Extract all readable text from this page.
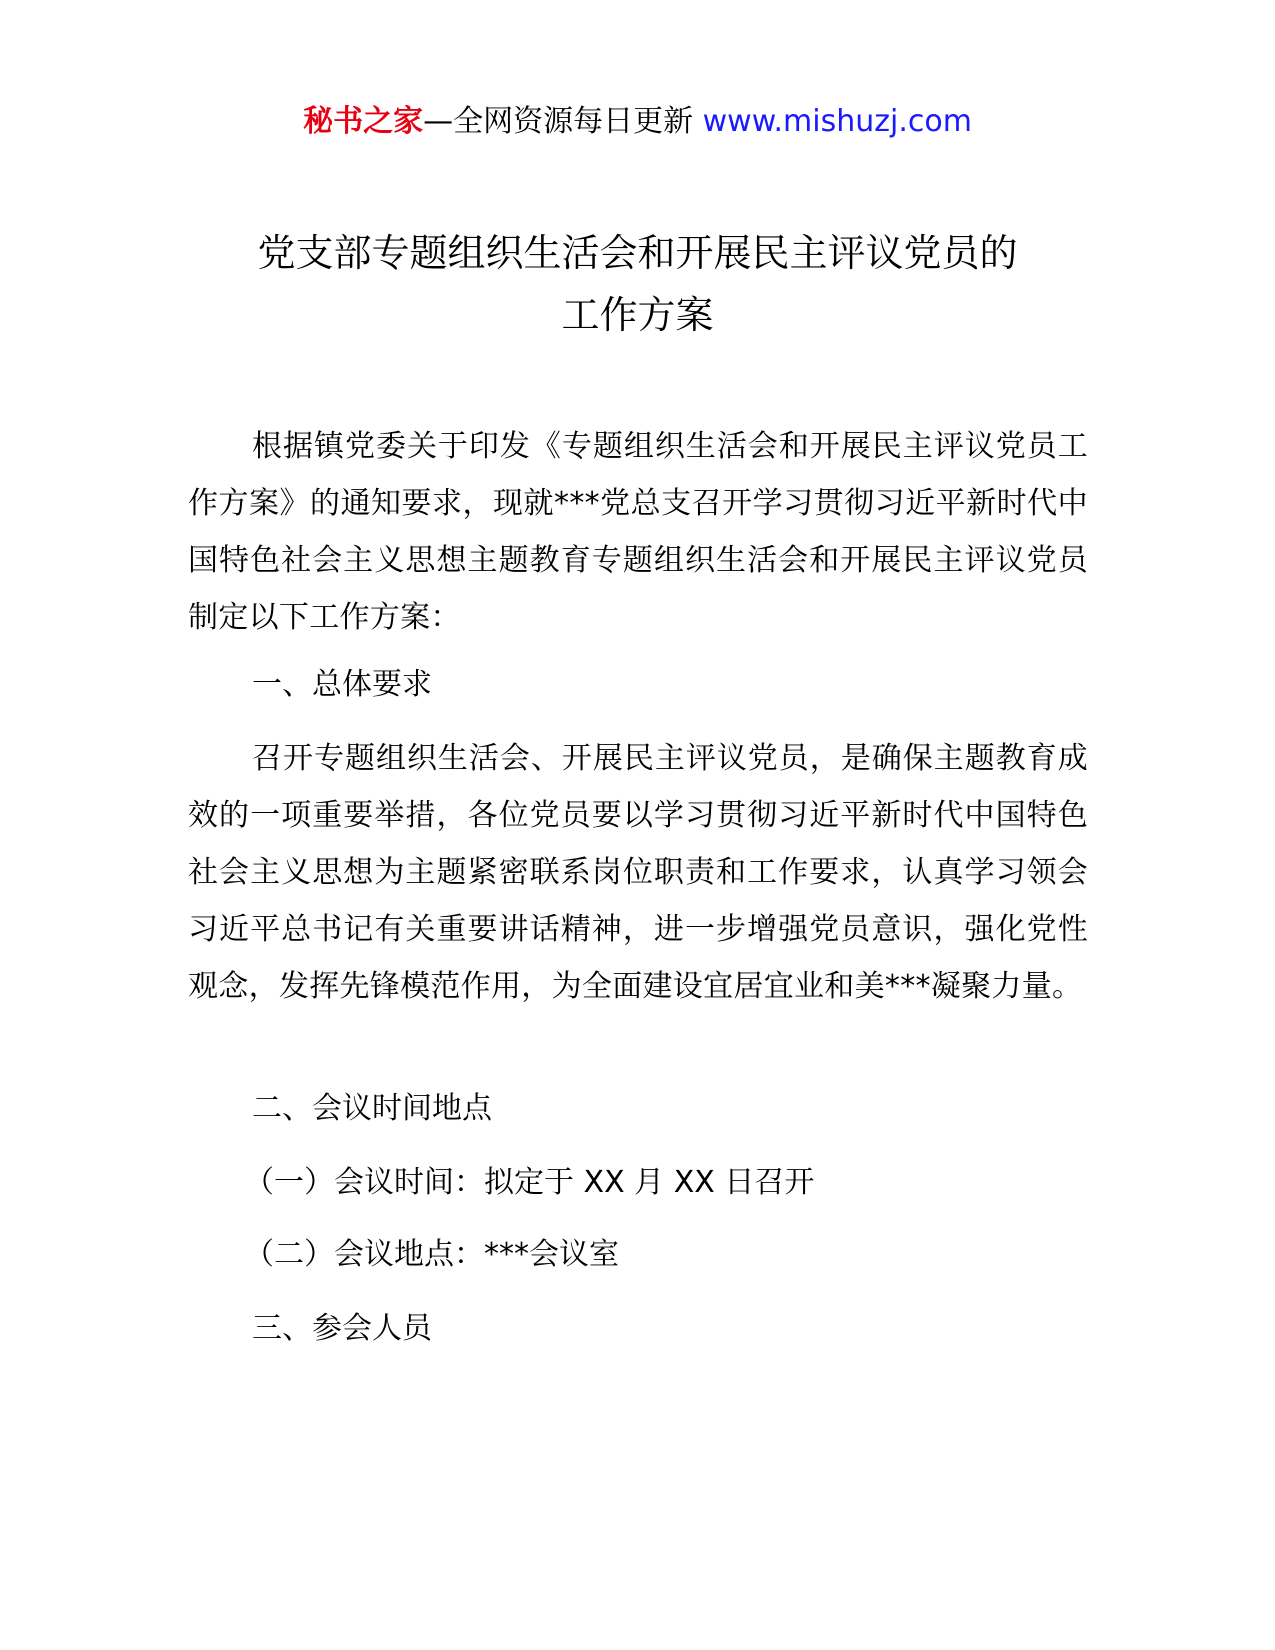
秘书之家—全网资源每日更新 www.mishuzj.com
党支部专题组织生活会和开展民主评议党员的
工作方案
根据镇党委关于印发《专题组织生活会和开展民主评议党员工作方案》的通知要求，现就***党总支召开学习贯彻习近平新时代中国特色社会主义思想主题教育专题组织生活会和开展民主评议党员制定以下工作方案：
一、总体要求
召开专题组织生活会、开展民主评议党员，是确保主题教育成效的一项重要举措，各位党员要以学习贯彻习近平新时代中国特色社会主义思想为主题紧密联系岗位职责和工作要求，认真学习领会习近平总书记有关重要讲话精神，进一步增强党员意识，强化党性观念，发挥先锋模范作用，为全面建设宜居宜业和美***凝聚力量。
二、会议时间地点
（一）会议时间：拟定于 XX 月 XX 日召开
（二）会议地点：***会议室
三、参会人员
